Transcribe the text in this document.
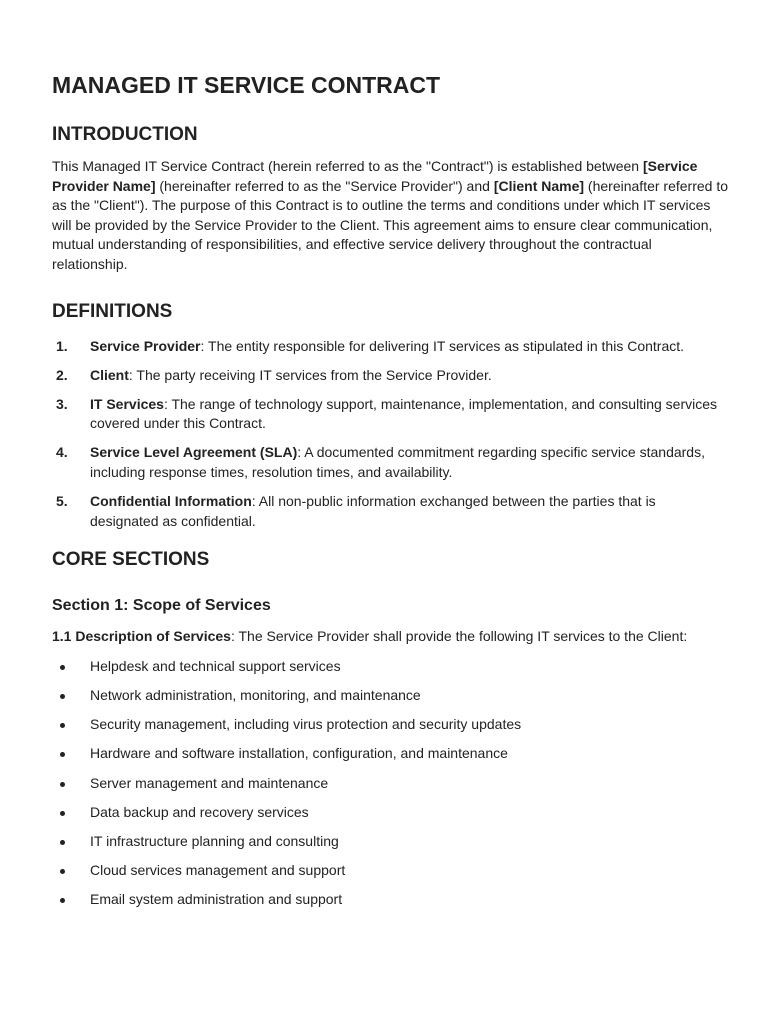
MANAGED IT SERVICE CONTRACT
INTRODUCTION

This Managed IT Service Contract (herein referred to as the "Contract") is established between [Service Provider Name] (hereinafter referred to as the "Service Provider") and [Client Name] (hereinafter referred to as the "Client"). The purpose of this Contract is to outline the terms and conditions under which IT services will be provided by the Service Provider to the Client. This agreement aims to ensure clear communication, mutual understanding of responsibilities, and effective service delivery throughout the contractual relationship.

DEFINITIONS
1. Service Provider: The entity responsible for delivering IT services as stipulated in this Contract.
2. Client: The party receiving IT services from the Service Provider.
3. IT Services: The range of technology support, maintenance, implementation, and consulting services covered under this Contract.
4. Service Level Agreement (SLA): A documented commitment regarding specific service standards, including response times, resolution times, and availability.
5. Confidential Information: All non-public information exchanged between the parties that is designated as confidential.
CORE SECTIONS
Section 1: Scope of Services

1.1 Description of Services: The Service Provider shall provide the following IT services to the Client:

Helpdesk and technical support services
Network administration, monitoring, and maintenance
Security management, including virus protection and security updates
Hardware and software installation, configuration, and maintenance
Server management and maintenance
Data backup and recovery services
IT infrastructure planning and consulting
Cloud services management and support
Email system administration and support
